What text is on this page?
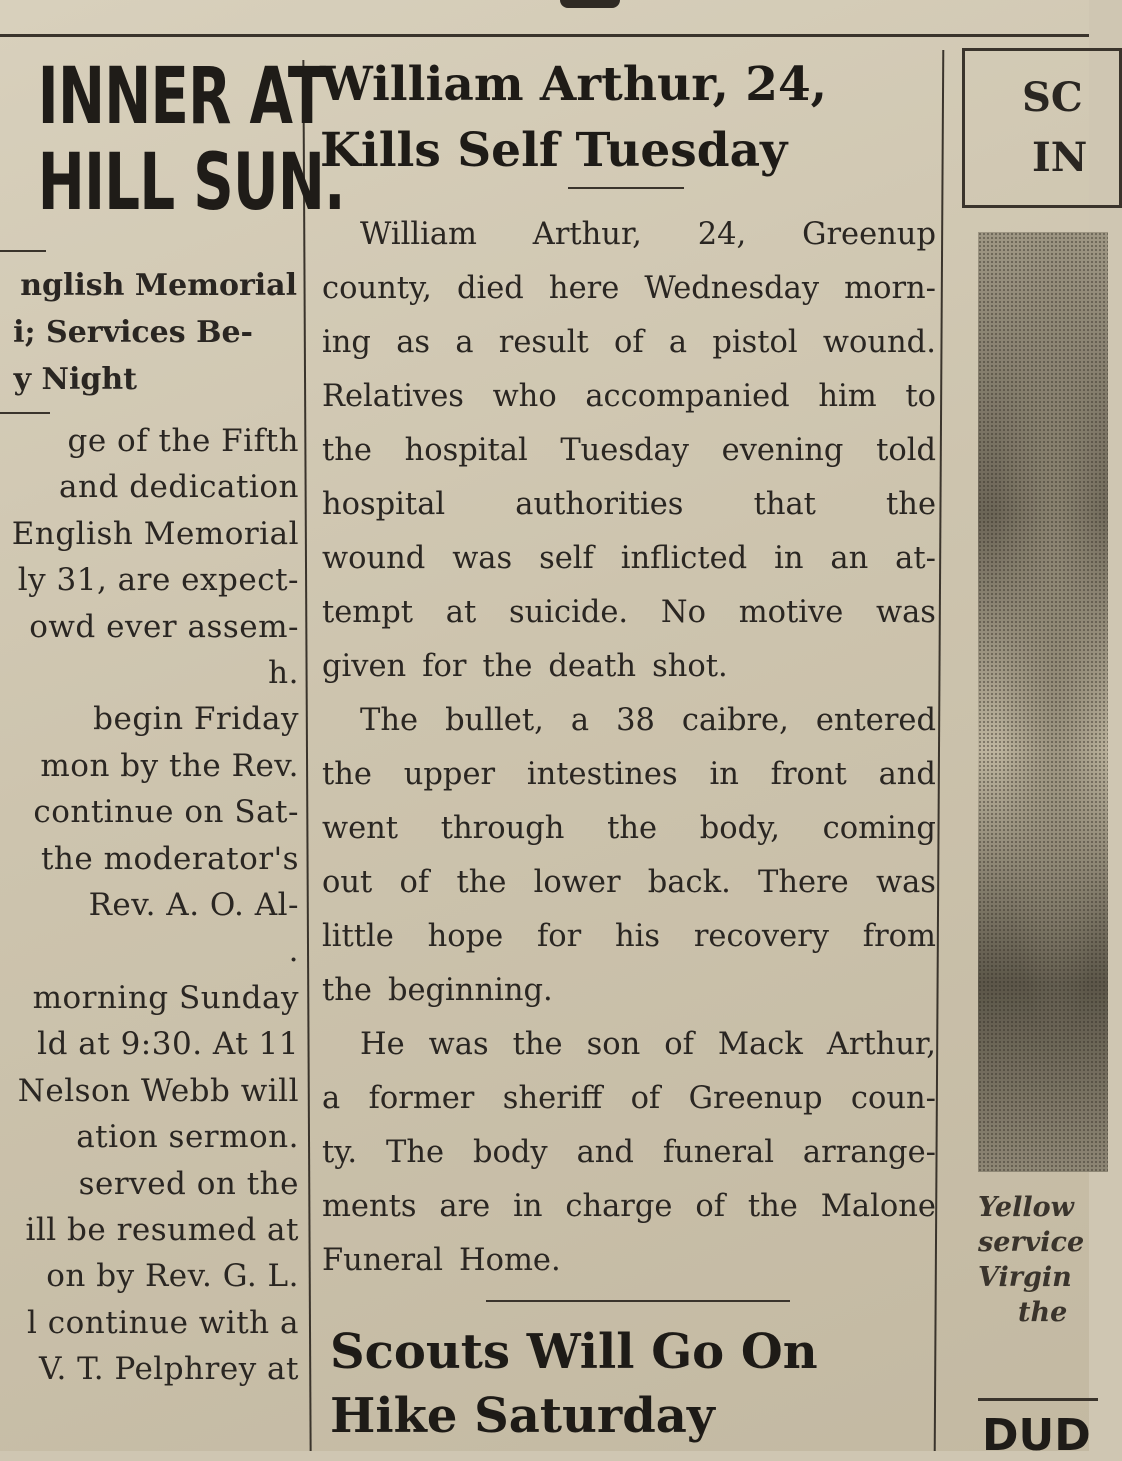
INNER AT
HILL SUN.
nglish Memorial
i; Services Be-
y Night
ge of the Fifth
and dedication
English Memorial
ly 31, are expect-
owd ever assem-
h.
begin Friday
mon by the Rev.
continue on Sat-
the moderator's
Rev. A. O. Al-
.
morning Sunday
ld at 9:30. At 11
Nelson Webb will
ation sermon.
served on the
ill be resumed at
on by Rev. G. L.
l continue with a
V. T. Pelphrey at
William Arthur, 24,
Kills Self Tuesday
William Arthur, 24, Greenup
county, died here Wednesday morn-
ing as a result of a pistol wound.
Relatives who accompanied him to
the hospital Tuesday evening told
hospital authorities that the
wound was self inflicted in an at-
tempt at suicide. No motive was
given for the death shot.
The bullet, a 38 caibre, entered
the upper intestines in front and
went through the body, coming
out of the lower back. There was
little hope for his recovery from
the beginning.
He was the son of Mack Arthur,
a former sheriff of Greenup coun-
ty. The body and funeral arrange-
ments are in charge of the Malone
Funeral Home.
Scouts Will Go On
Hike Saturday
SC
IN
Yellow
service
Virgin
the
DUD
